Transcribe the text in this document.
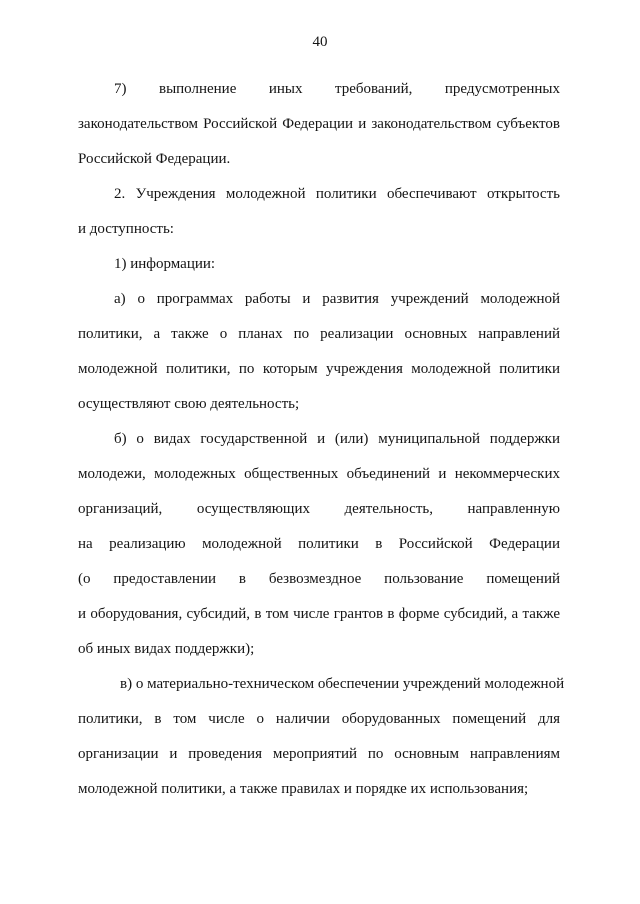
40

7) выполнение иных требований, предусмотренных
законодательством Российской Федерации и законодательством субъектов
Российской Федерации.

2. Учреждения молодежной политики обеспечивают открытость
и доступность:

1) информации:

а) о программах работы и развития учреждений молодежной
политики, а также о планах по реализации основных направлений
молодежной политики, по которым учреждения молодежной политики
осуществляют свою деятельность;

б) о видах государственной и (или) муниципальной поддержки
молодежи, молодежных общественных объединений и некоммерческих
организаций, осуществляющих деятельность, направленную
на реализацию молодежной политики в Российской Федерации
(о предоставлении в безвозмездное пользование помещений
и оборудования, субсидий, в том числе грантов в форме субсидий, а также
об иных видах поддержки);

в) о материально-техническом обеспечении учреждений молодежной
политики, в том числе о наличии оборудованных помещений для
организации и проведения мероприятий по основным направлениям
молодежной политики, а также правилах и порядке их использования;
